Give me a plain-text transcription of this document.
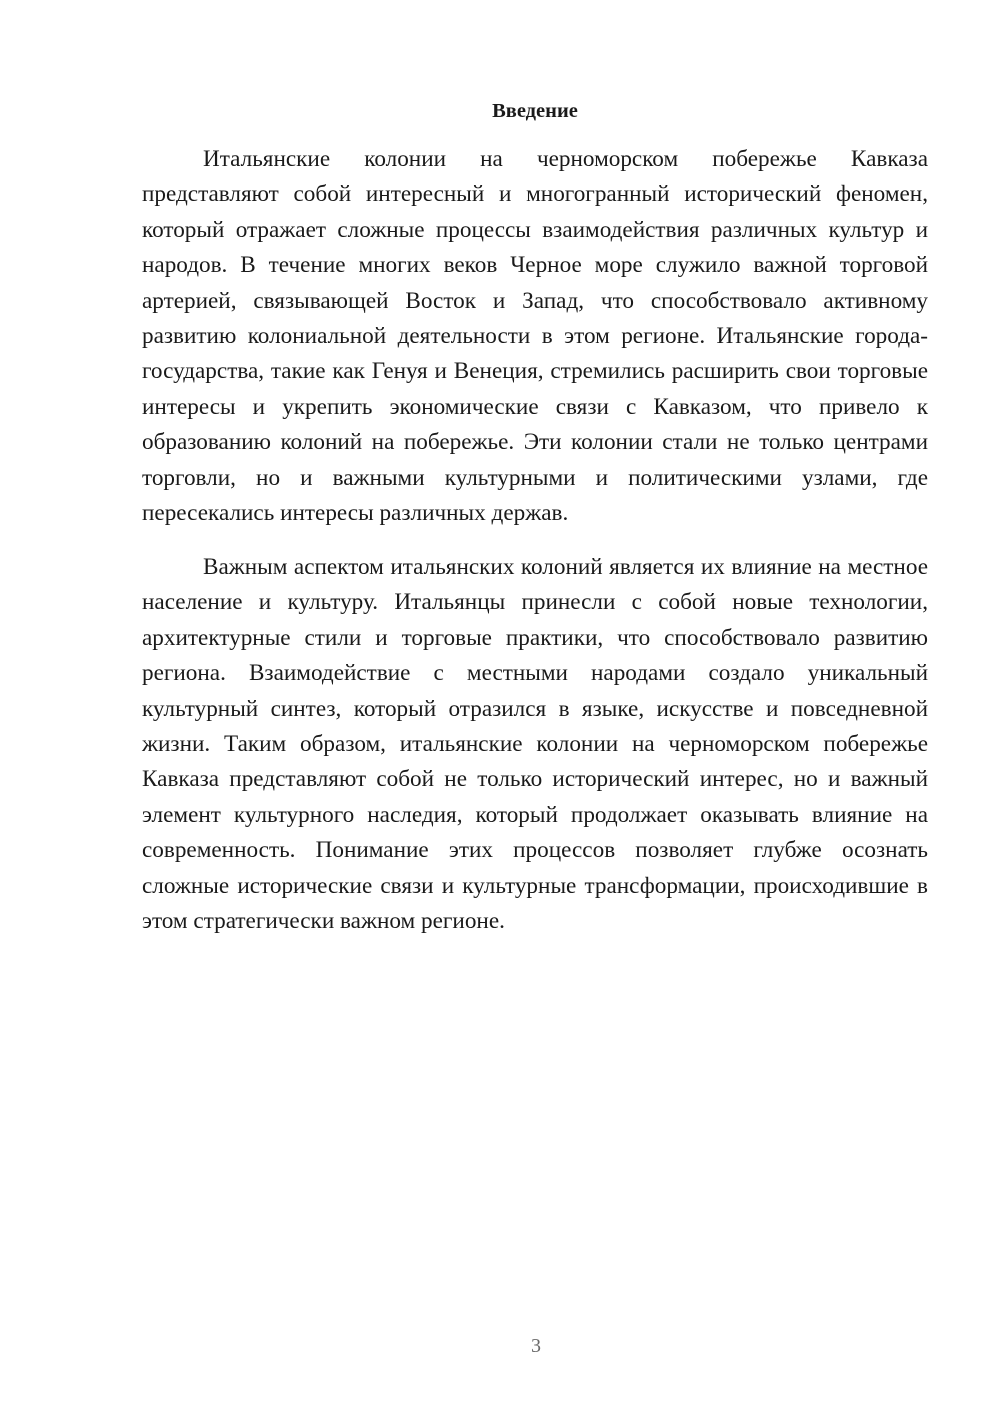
Введение

Итальянские колонии на черноморском побережье Кавказа представляют собой интересный и многогранный исторический феномен, который отражает сложные процессы взаимодействия различных культур и народов. В течение многих веков Черное море служило важной торговой артерией, связывающей Восток и Запад, что способствовало активному развитию колониальной деятельности в этом регионе. Итальянские города-государства, такие как Генуя и Венеция, стремились расширить свои торговые интересы и укрепить экономические связи с Кавказом, что привело к образованию колоний на побережье. Эти колонии стали не только центрами торговли, но и важными культурными и политическими узлами, где пересекались интересы различных держав.

Важным аспектом итальянских колоний является их влияние на местное население и культуру. Итальянцы принесли с собой новые технологии, архитектурные стили и торговые практики, что способствовало развитию региона. Взаимодействие с местными народами создало уникальный культурный синтез, который отразился в языке, искусстве и повседневной жизни. Таким образом, итальянские колонии на черноморском побережье Кавказа представляют собой не только исторический интерес, но и важный элемент культурного наследия, который продолжает оказывать влияние на современность. Понимание этих процессов позволяет глубже осознать сложные исторические связи и культурные трансформации, происходившие в этом стратегически важном регионе.

3
